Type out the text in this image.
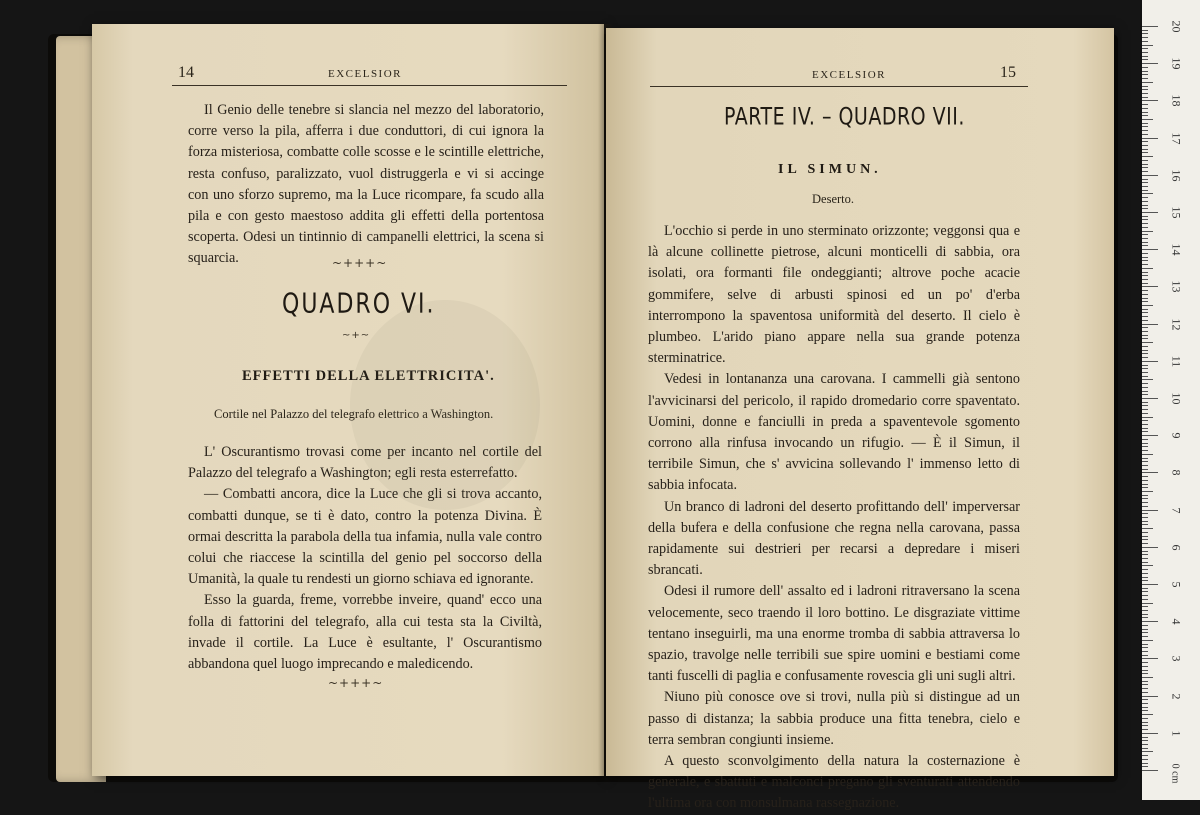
14	EXCELSIOR

Il Genio delle tenebre si slancia nel mezzo del laboratorio, corre verso la pila, afferra i due conduttori, di cui ignora la forza misteriosa, combatte colle scosse e le scintille elettriche, resta confuso, paralizzato, vuol distruggerla e vi si accinge con uno sforzo supremo, ma la Luce ricompare, fa scudo alla pila e con gesto maestoso addita gli effetti della portentosa scoperta. Odesi un tintinnio di campanelli elettrici, la scena si squarcia.	~+++~
QUADRO VI.
~+~
EFFETTI DELLA ELETTRICITA'.
Cortile nel Palazzo del telegrafo elettrico a Washington.

L' Oscurantismo trovasi come per incanto nel cortile del Palazzo del telegrafo a Washington; egli resta esterrefatto.

— Combatti ancora, dice la Luce che gli si trova accanto, combatti dunque, se ti è dato, contro la potenza Divina. È ormai descritta la parabola della tua infamia, nulla vale contro colui che riaccese la scintilla del genio pel soccorso della Umanità, la quale tu rendesti un giorno schiava ed ignorante.

Esso la guarda, freme, vorrebbe inveire, quand' ecco una folla di fattorini del telegrafo, alla cui testa sta la Civiltà, invade il cortile. La Luce è esultante, l' Oscurantismo abbandona quel luogo imprecando e maledicendo.

~+++~
EXCELSIOR	15
PARTE IV. – QUADRO VII.
IL SIMUN.
Deserto.

L'occhio si perde in uno sterminato orizzonte; veggonsi qua e là alcune collinette pietrose, alcuni monticelli di sabbia, ora isolati, ora formanti file ondeggianti; altrove poche acacie gommifere, selve di arbusti spinosi ed un po' d'erba interrompono la spaventosa uniformità del deserto. Il cielo è plumbeo. L'arido piano appare nella sua grande potenza sterminatrice.

Vedesi in lontananza una carovana. I cammelli già sentono l'avvicinarsi del pericolo, il rapido dromedario corre spaventato. Uomini, donne e fanciulli in preda a spaventevole sgomento corrono alla rinfusa invocando un rifugio. — È il Simun, il terribile Simun, che s' avvicina sollevando l' immenso letto di sabbia infocata.

Un branco di ladroni del deserto profittando dell' imperversar della bufera e della confusione che regna nella carovana, passa rapidamente sui destrieri per recarsi a depredare i miseri sbrancati.

Odesi il rumore dell' assalto ed i ladroni ritraversano la scena velocemente, seco traendo il loro bottino. Le disgraziate vittime tentano inseguirli, ma una enorme tromba di sabbia attraversa lo spazio, travolge nelle terribili sue spire uomini e bestiami come tanti fuscelli di paglia e confusamente rovescia gli uni sugli altri.

Niuno più conosce ove si trovi, nulla più si distingue ad un passo di distanza; la sabbia produce una fitta tenebra, cielo e terra sembran congiunti insieme.

A questo sconvolgimento della natura la costernazione è generale, e sbattuti e malconci pregano gli sventurati attendendo l'ultima ora con monsulmana rassegnazione.

0 cm
1
2
3
4
5
6
7
8
9
10
11
12
13
14
15
16
17
18
19
20
